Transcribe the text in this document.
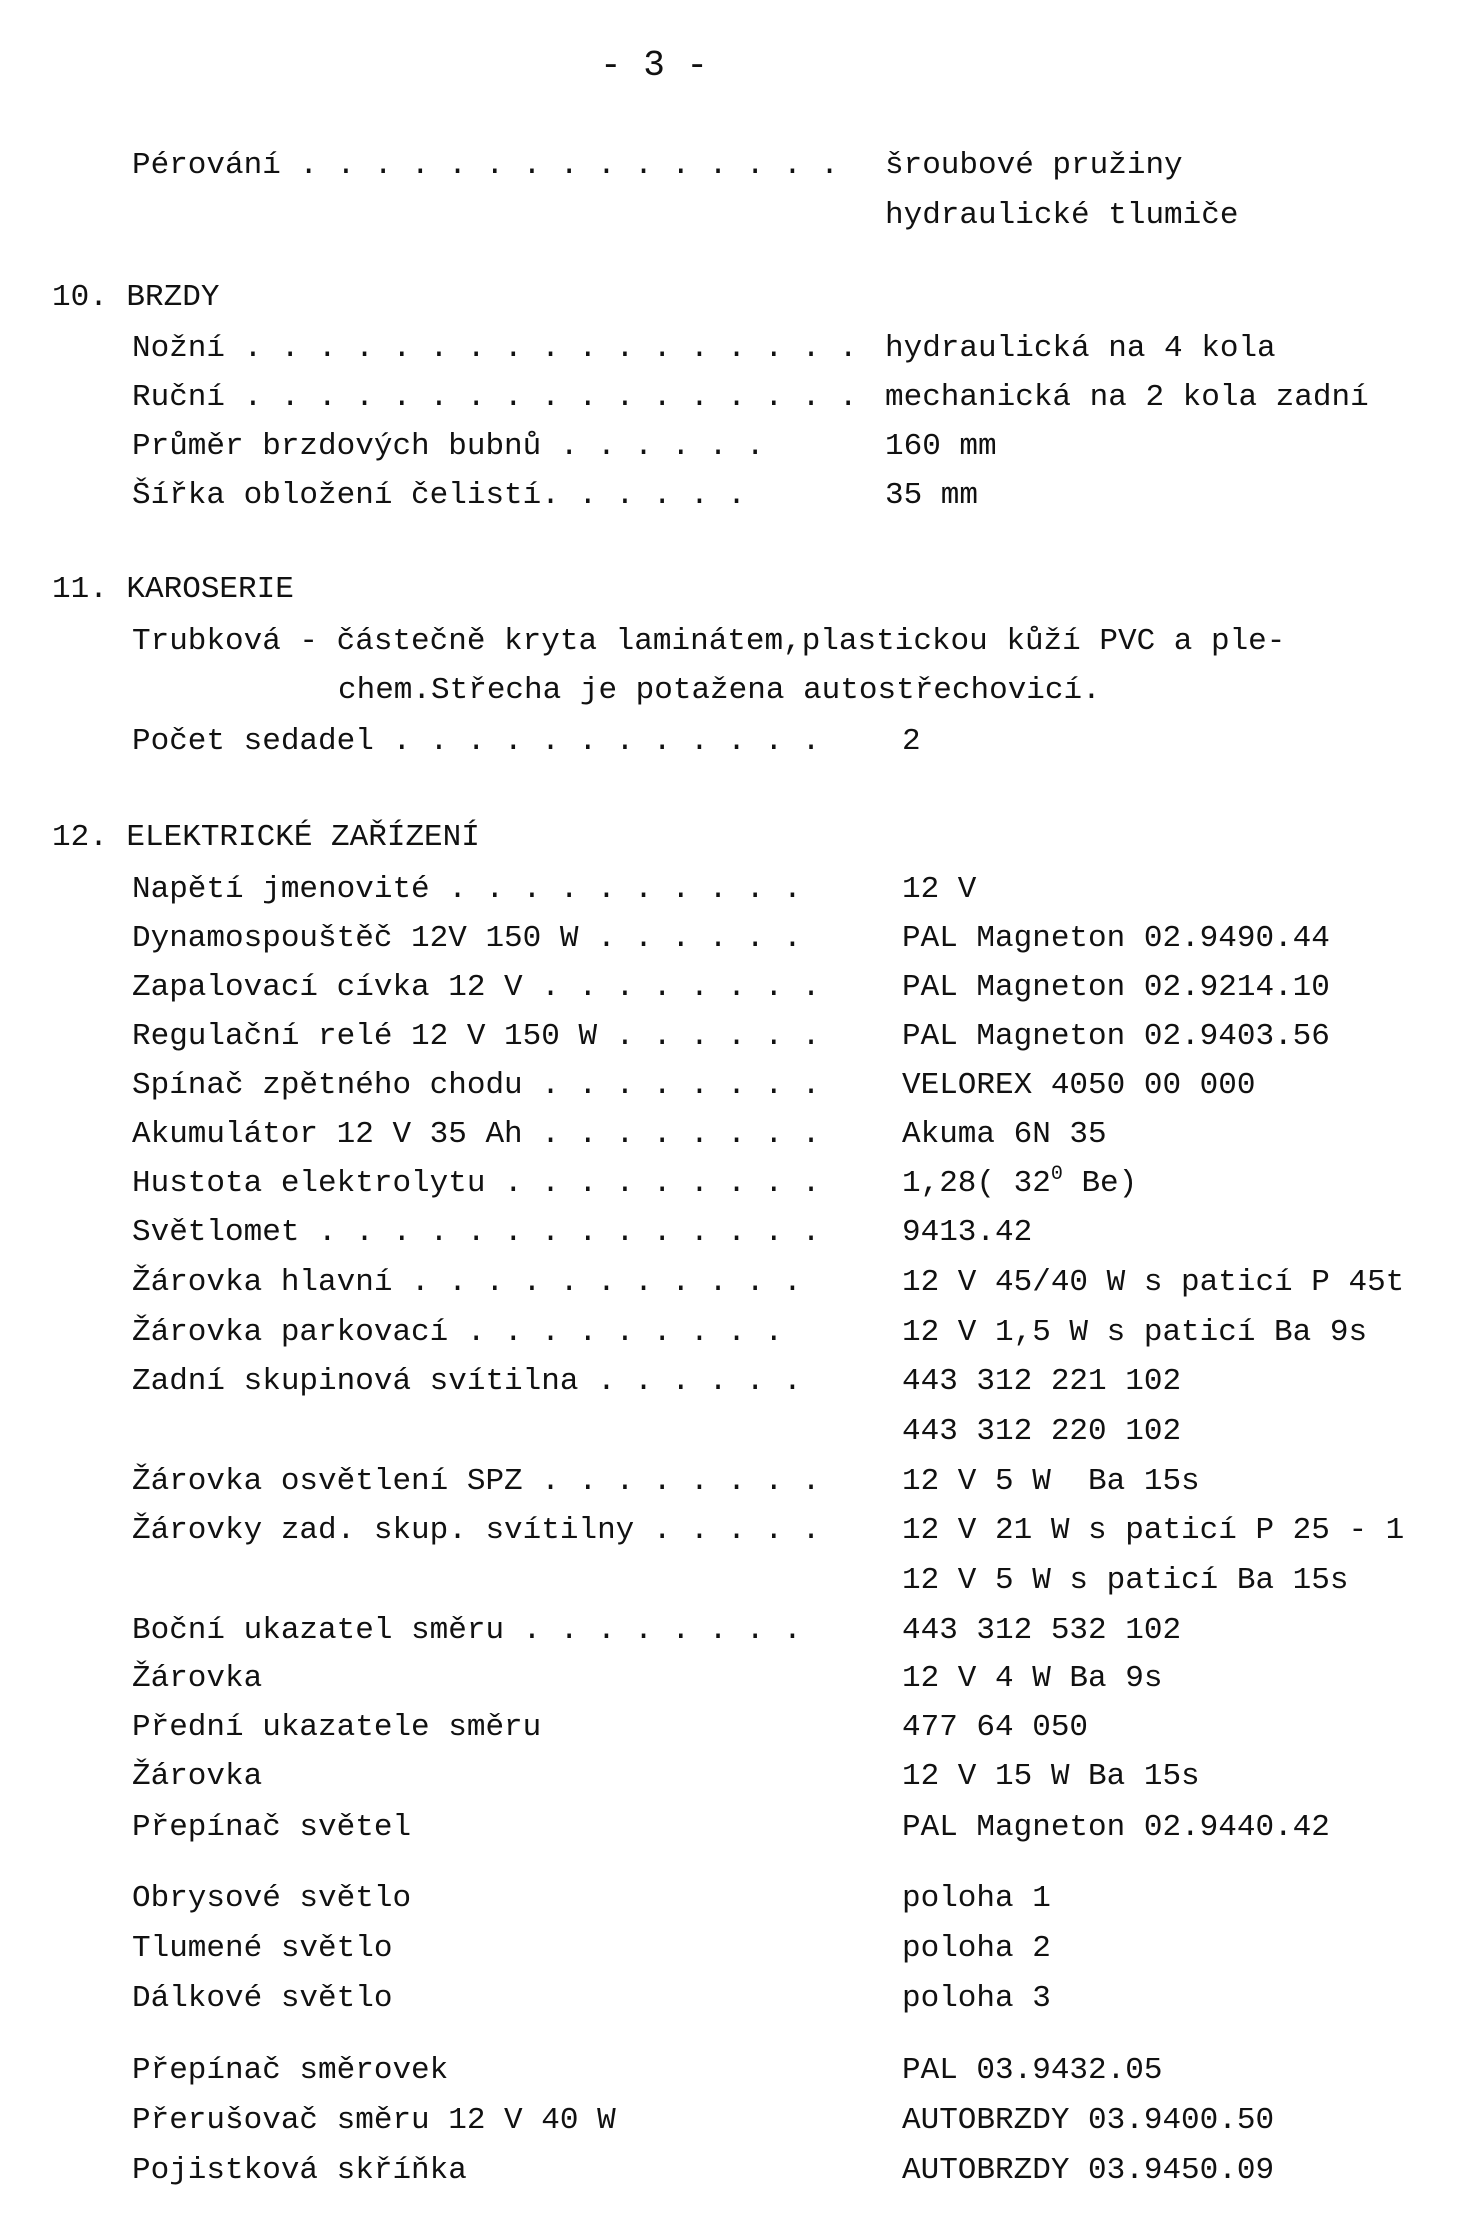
- 3 -
Pérování . . . . . . . . . . . . . . . šroubové pružiny
hydraulické tlumiče
10. BRZDY
Nožní . . . . . . . . . . . . . . . . . hydraulická na 4 kola
Ruční . . . . . . . . . . . . . . . . . mechanická na 2 kola zadní
Průměr brzdových bubnů . . . . . .	160 mm
Šířka obložení čelistí. . . . . .	35 mm
11. KAROSERIE
Trubková - částečně kryta laminátem,plastickou kůží PVC a ple-
chem.Střecha je potažena autostřechovicí.
Počet sedadel . . . . . . . . . . . .	2
12. ELEKTRICKÉ ZAŘÍZENÍ
Napětí jmenovité . . . . . . . . . .	12 V
Dynamospouštěč 12V 150 W . . . . . .	PAL Magneton 02.9490.44
Zapalovací cívka 12 V . . . . . . . .	PAL Magneton 02.9214.10
Regulační relé 12 V 150 W . . . . . .	PAL Magneton 02.9403.56
Spínač zpětného chodu . . . . . . . .	VELOREX 4050 00 000
Akumulátor 12 V 35 Ah . . . . . . . .	Akuma 6N 35
Hustota elektrolytu . . . . . . . . .	1,28( $32^0$ Be)
Světlomet . . . . . . . . . . . . . .	9413.42
Žárovka hlavní . . . . . . . . . . .	12 V 45/40 W s paticí P 45t
Žárovka parkovací . . . . . . . . .	12 V 1,5 W s paticí Ba 9s
Zadní skupinová svítilna . . . . . .	443 312 221 102
443 312 220 102
Žárovka osvětlení SPZ . . . . . . . .	12 V 5 W  Ba 15s
Žárovky zad. skup. svítilny . . . . .	12 V 21 W s paticí P 25 - 1
12 V 5 W s paticí Ba 15s
Boční ukazatel směru . . . . . . . .	443 312 532 102
Žárovka	12 V 4 W Ba 9s
Přední ukazatele směru	477 64 050
Žárovka	12 V 15 W Ba 15s
Přepínač světel	PAL Magneton 02.9440.42
Obrysové světlo	poloha 1
Tlumené světlo	poloha 2
Dálkové světlo	poloha 3
Přepínač směrovek	PAL 03.9432.05
Přerušovač směru 12 V 40 W	AUTOBRZDY 03.9400.50
Pojistková skříňka	AUTOBRZDY 03.9450.09
